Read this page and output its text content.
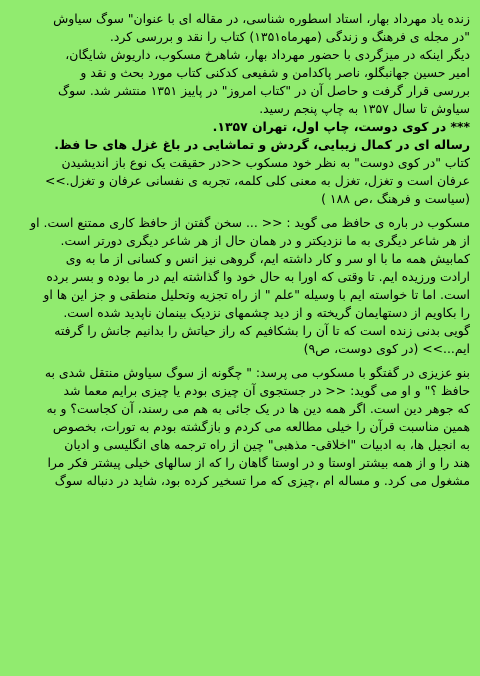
زنده یاد مهرداد بهار، استاد اسطوره شناسی، در مقاله ای با عنوان" سوگ سیاوش
"در مجله ی فرهنگ و زندگی (مهرماه۱۳۵۱) کتاب را نقد و بررسی کرد.
دیگر اینکه در میزگردی با حضور مهرداد بهار، شاهرخ مسکوب، داریوش شایگان،
امیر حسین جهانبگلو، ناصر پاکدامن و شفیعی کدکنی کتاب مورد بحث و نقد و
بررسی قرار گرفت و حاصل آن در "کتاب امروز" در پاییز ۱۳۵۱ منتشر شد. سوگ
سیاوش تا سال ۱۳۵۷ به چاپ پنجم رسید.
*** در کوی دوست، چاپ اول، تهران ۱۳۵۷.
رساله ای در کمال زیبایی، گردش و تماشایی در باغ غزل های حا فظ.
کتاب "در کوی دوست" به نظر خود مسکوب <<در حقیقت یک نوع باز اندیشیدن
عرفان است و تغزل، تغزل به معنی کلی کلمه، تجربه ی نفسانی عرفان و تغزل.>>
(سیاست و فرهنگ ،ص ۱۸۸ )
مسکوب در باره ی حافظ می گوید : << ... سخن گفتن از حافظ کاری ممتنع است. او
از هر شاعر دیگری به ما نزدیکتر و در همان حال از هر شاعر دیگری دورتر است.
کمابیش همه ما با او سر و کار داشته ایم، گروهی نیز انس و کسانی از ما به وی
ارادت ورزیده ایم. تا وقتی که اورا به حال خود وا گذاشته ایم در ما بوده و بسر برده
است. اما تا خواسته ایم با وسیله "علم " از راه تجزیه وتحلیل منطقی و جز این ها او
را بکاویم از دستهایمان گریخته و از دید چشمهای نزدیک بینمان ناپدید شده است.
گویی بدنی زنده است که تا آن را بشکافیم که راز حیاتش را بدانیم جانش را گرفته
ایم...>> (در کوی دوست، ص۹)
بنو عزیزی در گفتگو با مسکوب می پرسد: " چگونه از سوگ سیاوش منتقل شدی به
حافظ ؟" و او می گوید: << در جستجوی آن چیزی بودم یا چیزی برایم معما شد
که جوهر دین است. اگر همه دین ها در یک جائی به هم می رسند، آن کجاست؟ و به
همین مناسبت قرآن را خیلی مطالعه می کردم و بازگشته بودم به تورات، بخصوص
به انجیل ها، به ادبیات "اخلاقی- مذهبی" چین از راه ترجمه های انگلیسی و ادیان
هند را و از همه بیشتر اوستا و در اوستا گاهان را که از سالهای خیلی پیشتر فکر مرا
مشغول می کرد. و مساله ام ،چیزی که مرا تسخیر کرده بود، شاید در دنباله سوگ
